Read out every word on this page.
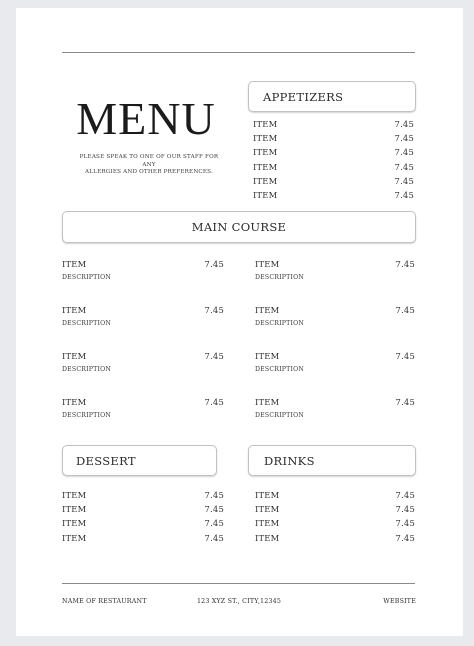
MENU
PLEASE SPEAK TO ONE OF OUR STAFF FOR ANY
ALLERGIES AND OTHER PREFERENCES.
APPETIZERS
ITEM	7.45
ITEM	7.45
ITEM	7.45
ITEM	7.45
ITEM	7.45
ITEM	7.45
MAIN COURSE
ITEM	7.45
DESCRIPTION
ITEM	7.45
DESCRIPTION
ITEM	7.45
DESCRIPTION
ITEM	7.45
DESCRIPTION
ITEM	7.45
DESCRIPTION
ITEM	7.45
DESCRIPTION
ITEM	7.45
DESCRIPTION
ITEM	7.45
DESCRIPTION
DESSERT
ITEM	7.45
ITEM	7.45
ITEM	7.45
ITEM	7.45
DRINKS
ITEM	7.45
ITEM	7.45
ITEM	7.45
ITEM	7.45
NAME OF RESTAURANT	123 XYZ ST., CITY,12345	WEBSITE
